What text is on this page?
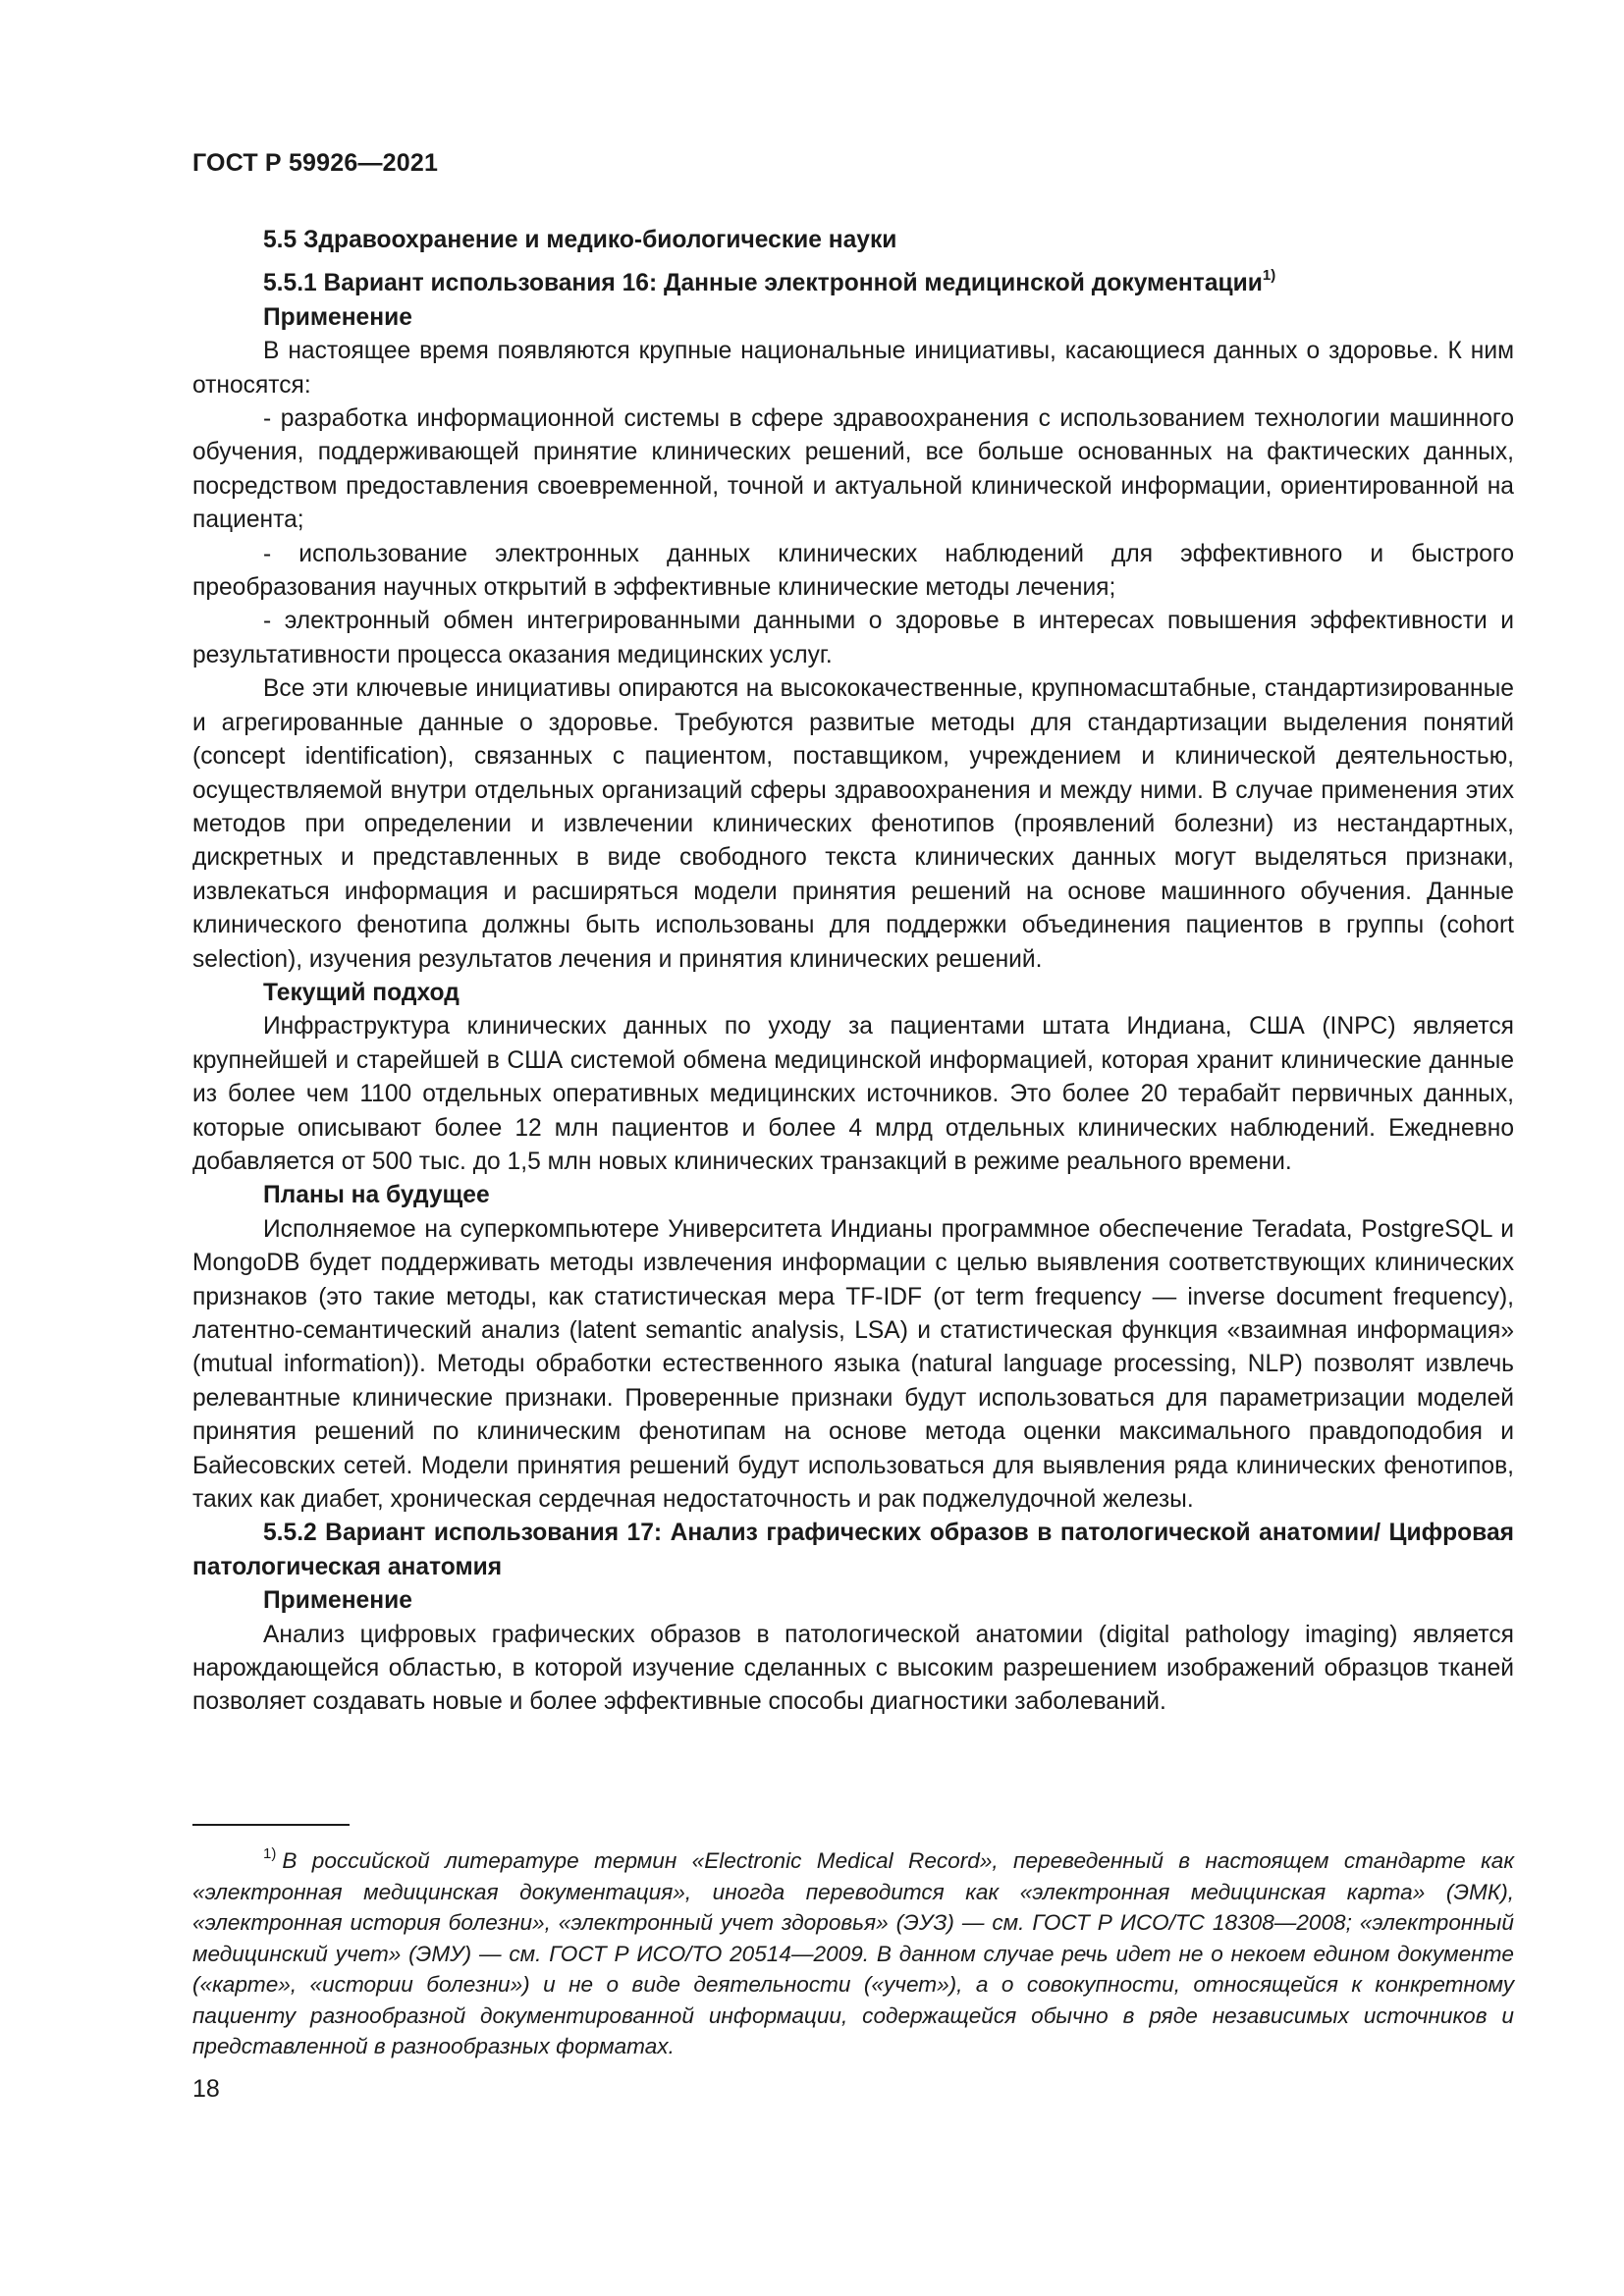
ГОСТ Р 59926—2021

5.5 Здравоохранение и медико-биологические науки

5.5.1 Вариант использования 16: Данные электронной медицинской документации$^{1)}$

Применение

В настоящее время появляются крупные национальные инициативы, касающиеся данных о здоровье. К ним относятся:

- разработка информационной системы в сфере здравоохранения с использованием технологии машинного обучения, поддерживающей принятие клинических решений, все больше основанных на фактических данных, посредством предоставления своевременной, точной и актуальной клинической информации, ориентированной на пациента;

- использование электронных данных клинических наблюдений для эффективного и быстрого преобразования научных открытий в эффективные клинические методы лечения;

- электронный обмен интегрированными данными о здоровье в интересах повышения эффективности и результативности процесса оказания медицинских услуг.

Все эти ключевые инициативы опираются на высококачественные, крупномасштабные, стандартизированные и агрегированные данные о здоровье. Требуются развитые методы для стандартизации выделения понятий (concept identification), связанных с пациентом, поставщиком, учреждением и клинической деятельностью, осуществляемой внутри отдельных организаций сферы здравоохранения и между ними. В случае применения этих методов при определении и извлечении клинических фенотипов (проявлений болезни) из нестандартных, дискретных и представленных в виде свободного текста клинических данных могут выделяться признаки, извлекаться информация и расширяться модели принятия решений на основе машинного обучения. Данные клинического фенотипа должны быть использованы для поддержки объединения пациентов в группы (cohort selection), изучения результатов лечения и принятия клинических решений.

Текущий подход

Инфраструктура клинических данных по уходу за пациентами штата Индиана, США (INPC) является крупнейшей и старейшей в США системой обмена медицинской информацией, которая хранит клинические данные из более чем 1100 отдельных оперативных медицинских источников. Это более 20 терабайт первичных данных, которые описывают более 12 млн пациентов и более 4 млрд отдельных клинических наблюдений. Ежедневно добавляется от 500 тыс. до 1,5 млн новых клинических транзакций в режиме реального времени.

Планы на будущее

Исполняемое на суперкомпьютере Университета Индианы программное обеспечение Teradata, PostgreSQL и MongoDB будет поддерживать методы извлечения информации с целью выявления соответствующих клинических признаков (это такие методы, как статистическая мера TF-IDF (от term frequency — inverse document frequency), латентно-семантический анализ (latent semantic analysis, LSA) и статистическая функция «взаимная информация» (mutual information)). Методы обработки естественного языка (natural language processing, NLP) позволят извлечь релевантные клинические признаки. Проверенные признаки будут использоваться для параметризации моделей принятия решений по клиническим фенотипам на основе метода оценки максимального правдоподобия и Байесовских сетей. Модели принятия решений будут использоваться для выявления ряда клинических фенотипов, таких как диабет, хроническая сердечная недостаточность и рак поджелудочной железы.

5.5.2 Вариант использования 17: Анализ графических образов в патологической анатомии/ Цифровая патологическая анатомия

Применение

Анализ цифровых графических образов в патологической анатомии (digital pathology imaging) является нарождающейся областью, в которой изучение сделанных с высоким разрешением изображений образцов тканей позволяет создавать новые и более эффективные способы диагностики заболеваний.

$^{1)}$ В российской литературе термин «Electronic Medical Record», переведенный в настоящем стандарте как «электронная медицинская документация», иногда переводится как «электронная медицинская карта» (ЭМК), «электронная история болезни», «электронный учет здоровья» (ЭУЗ) — см. ГОСТ Р ИСО/ТС 18308—2008; «электронный медицинский учет» (ЭМУ) — см. ГОСТ Р ИСО/ТО 20514—2009. В данном случае речь идет не о некоем едином документе («карте», «истории болезни») и не о виде деятельности («учет»), а о совокупности, относящейся к конкретному пациенту разнообразной документированной информации, содержащейся обычно в ряде независимых источников и представленной в разнообразных форматах.

18
